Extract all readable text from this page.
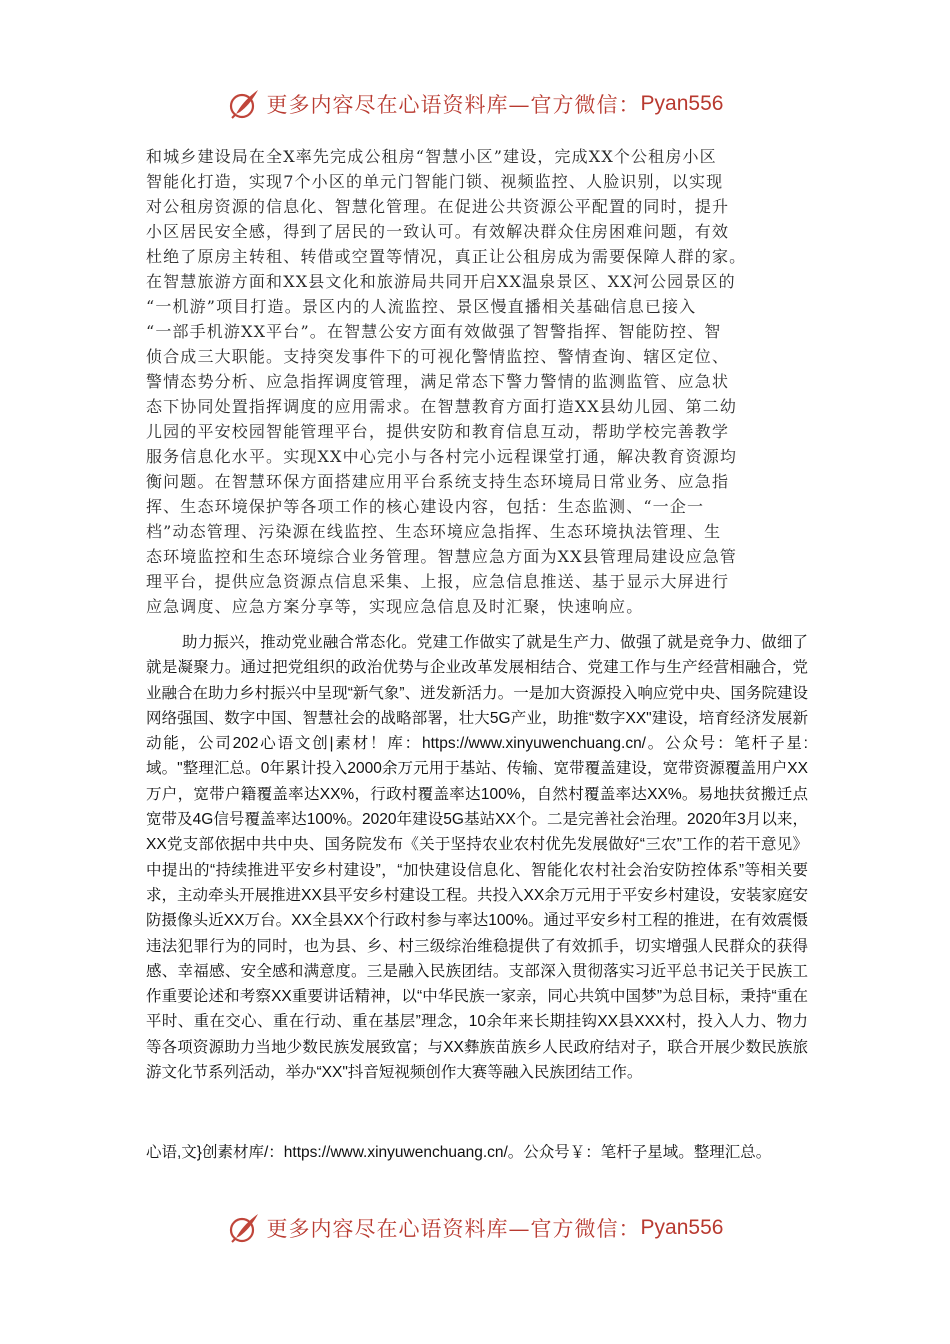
更多内容尽在心语资料库—官方微信： Pyan556
和城乡建设局在全X率先完成公租房“智慧小区”建设，完成XX个公租房小区
智能化打造，实现7个小区的单元门智能门锁、视频监控、人脸识别，以实现
对公租房资源的信息化、智慧化管理。在促进公共资源公平配置的同时，提升
小区居民安全感，得到了居民的一致认可。有效解决群众住房困难问题，有效
杜绝了原房主转租、转借或空置等情况，真正让公租房成为需要保障人群的家。
在智慧旅游方面和XX县文化和旅游局共同开启XX温泉景区、XX河公园景区的
“一机游”项目打造。景区内的人流监控、景区慢直播相关基础信息已接入
“一部手机游XX平台”。在智慧公安方面有效做强了智警指挥、智能防控、智
侦合成三大职能。支持突发事件下的可视化警情监控、警情查询、辖区定位、
警情态势分析、应急指挥调度管理，满足常态下警力警情的监测监管、应急状
态下协同处置指挥调度的应用需求。在智慧教育方面打造XX县幼儿园、第二幼
儿园的平安校园智能管理平台，提供安防和教育信息互动，帮助学校完善教学
服务信息化水平。实现XX中心完小与各村完小远程课堂打通，解决教育资源均
衡问题。在智慧环保方面搭建应用平台系统支持生态环境局日常业务、应急指
挥、生态环境保护等各项工作的核心建设内容，包括：生态监测、“一企一
档”动态管理、污染源在线监控、生态环境应急指挥、生态环境执法管理、生
态环境监控和生态环境综合业务管理。智慧应急方面为XX县管理局建设应急管
理平台，提供应急资源点信息采集、上报，应急信息推送、基于显示大屏进行
应急调度、应急方案分享等，实现应急信息及时汇聚，快速响应。

助力振兴，推动党业融合常态化。党建工作做实了就是生产力、做强了就是竞争力、做细了就是凝聚力。通过把党组织的政治优势与企业改革发展相结合、党建工作与生产经营相融合，党业融合在助力乡村振兴中呈现“新气象”、迸发新活力。一是加大资源投入响应党中央、国务院建设网络强国、数字中国、智慧社会的战略部署，壮大5G产业，助推“数字XX"建设，培育经济发展新动能，公司202心语文创|素材！库：https://www.xinyuwenchuang.cn/。公众号：笔杆子星:域。"整理汇总。0年累计投入2000余万元用于基站、传输、宽带覆盖建设，宽带资源覆盖用户XX万户，宽带户籍覆盖率达XX%，行政村覆盖率达100%，自然村覆盖率达XX%。易地扶贫搬迁点宽带及4G信号覆盖率达100%。2020年建设5G基站XX个。二是完善社会治理。2020年3月以来，XX党支部依据中共中央、国务院发布《关于坚持农业农村优先发展做好“三农”工作的若干意见》中提出的“持续推进平安乡村建设”，“加快建设信息化、智能化农村社会治安防控体系”等相关要求，主动牵头开展推进XX县平安乡村建设工程。共投入XX余万元用于平安乡村建设，安装家庭安防摄像头近XX万台。XX全县XX个行政村参与率达100%。通过平安乡村工程的推进，在有效震慑违法犯罪行为的同时，也为县、乡、村三级综治维稳提供了有效抓手，切实增强人民群众的获得感、幸福感、安全感和满意度。三是融入民族团结。支部深入贯彻落实习近平总书记关于民族工作重要论述和考察XX重要讲话精神，以“中华民族一家亲，同心共筑中国梦”为总目标，秉持“重在平时、重在交心、重在行动、重在基层”理念，10余年来长期挂钩XX县XXX村，投入人力、物力等各项资源助力当地少数民族发展致富；与XX彝族苗族乡人民政府结对子，联合开展少数民族旅游文化节系列活动，举办“XX"抖音短视频创作大赛等融入民族团结工作。

心语,文}创素材库/：https://www.xinyuwenchuang.cn/。公众号￥：笔杆子星域。整理汇总。
更多内容尽在心语资料库—官方微信： Pyan556
